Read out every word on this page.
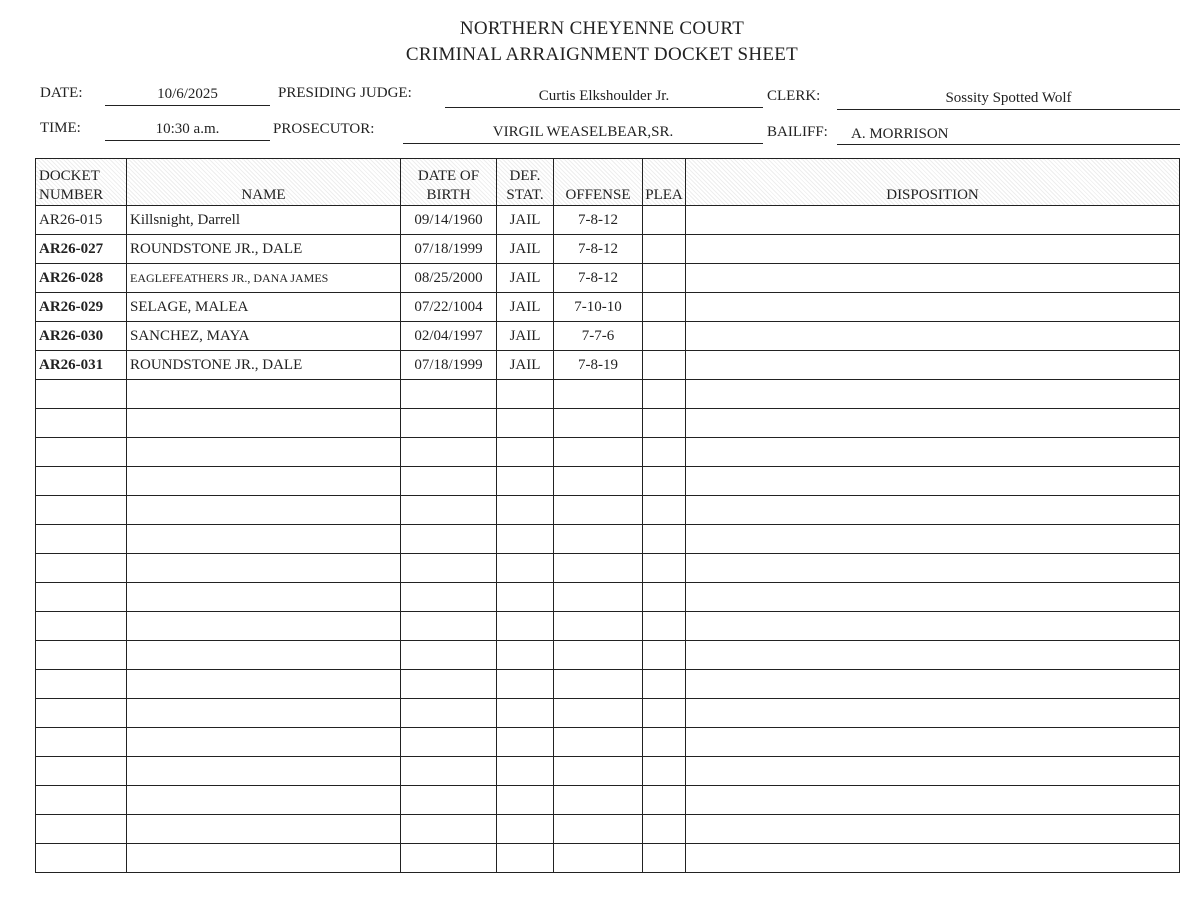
NORTHERN CHEYENNE COURT
CRIMINAL ARRAIGNMENT DOCKET SHEET
DATE:	10/6/2025	PRESIDING JUDGE:	Curtis Elkshoulder Jr.	CLERK:	Sossity Spotted Wolf
TIME:	10:30 a.m.	PROSECUTOR:	VIRGIL WEASELBEAR,SR.	BAILIFF:	A. MORRISON
DOCKET NUMBER	NAME	DATE OF BIRTH	DEF. STAT.	OFFENSE	PLEA	DISPOSITION
AR26-015	Killsnight, Darrell	09/14/1960	JAIL	7-8-12		
AR26-027	ROUNDSTONE JR., DALE	07/18/1999	JAIL	7-8-12		
AR26-028	EAGLEFEATHERS JR., DANA JAMES	08/25/2000	JAIL	7-8-12		
AR26-029	SELAGE, MALEA	07/22/1004	JAIL	7-10-10		
AR26-030	SANCHEZ, MAYA	02/04/1997	JAIL	7-7-6		
AR26-031	ROUNDSTONE JR., DALE	07/18/1999	JAIL	7-8-19		
